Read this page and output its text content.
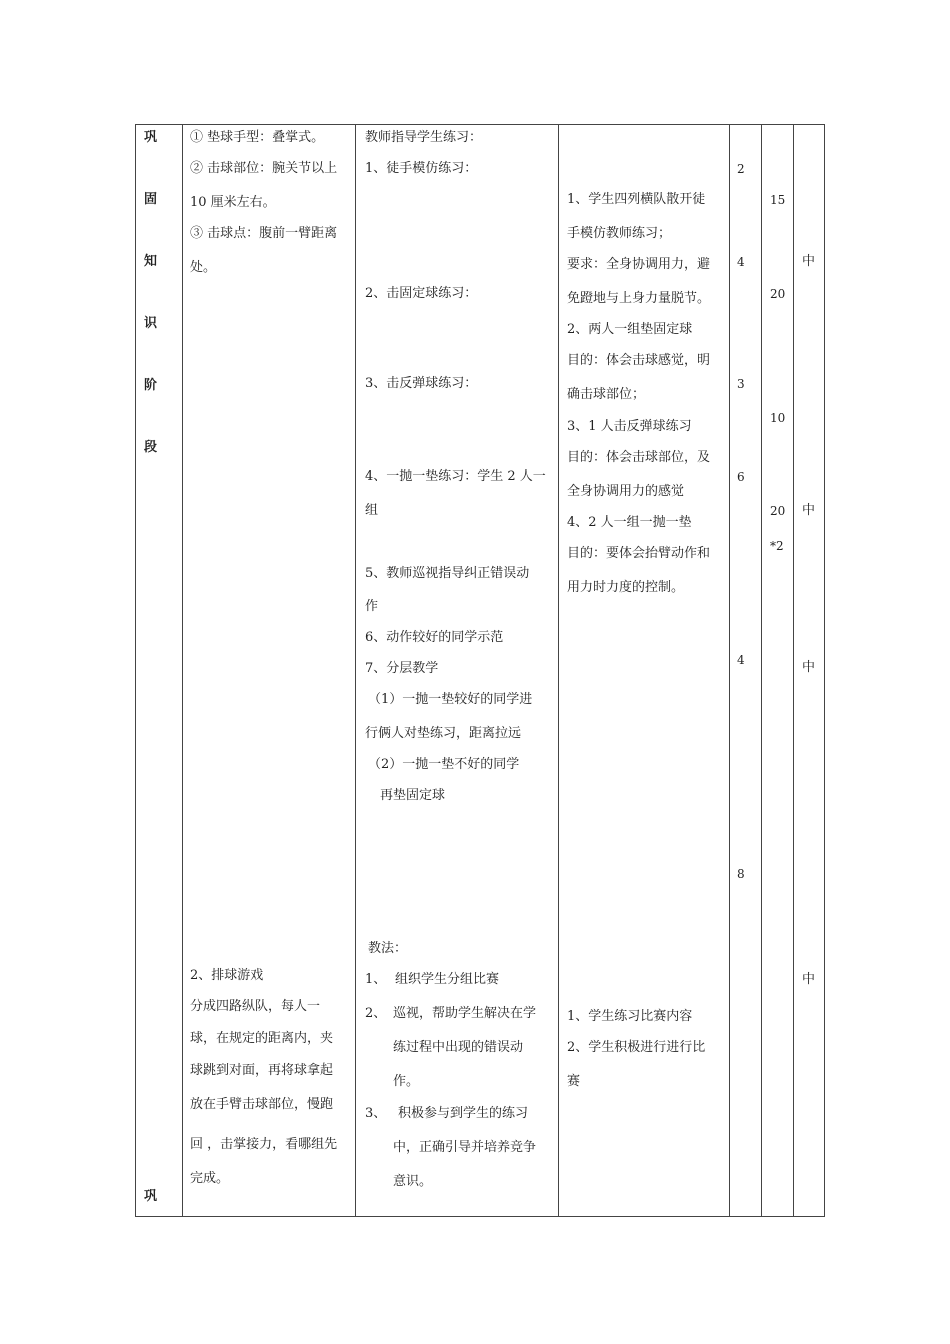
巩
固
知
识
阶
段
巩
① 垫球手型：叠掌式。
② 击球部位：腕关节以上
10 厘米左右。
③ 击球点：腹前一臂距离
处。
2、排球游戏
分成四路纵队，每人一
球，在规定的距离内，夹
球跳到对面，再将球拿起
放在手臂击球部位，慢跑
回 ，击掌接力，看哪组先
完成。
教师指导学生练习：
1、徒手模仿练习：
2、击固定球练习：
3、击反弹球练习：
4、一抛一垫练习：学生 2 人一
组
5、教师巡视指导纠正错误动
作
6、动作较好的同学示范
7、分层教学
（1）一抛一垫较好的同学进
行俩人对垫练习，距离拉远
（2）一抛一垫不好的同学
再垫固定球
教法：
1、 组织学生分组比赛
2、 巡视，帮助学生解决在学
练过程中出现的错误动
作。
3、 积极参与到学生的练习
中，正确引导并培养竞争
意识。
1、学生四列横队散开徒
手模仿教师练习；
要求：全身协调用力，避
免蹬地与上身力量脱节。
2、两人一组垫固定球
目的：体会击球感觉，明
确击球部位；
3、1 人击反弹球练习
目的：体会击球部位，及
全身协调用力的感觉
4、2 人一组一抛一垫
目的：要体会抬臂动作和
用力时力度的控制。
1、学生练习比赛内容
2、学生积极进行进行比
赛
2
4
3
6
4
8
15
20
10
20
*2
中
中
中
中
